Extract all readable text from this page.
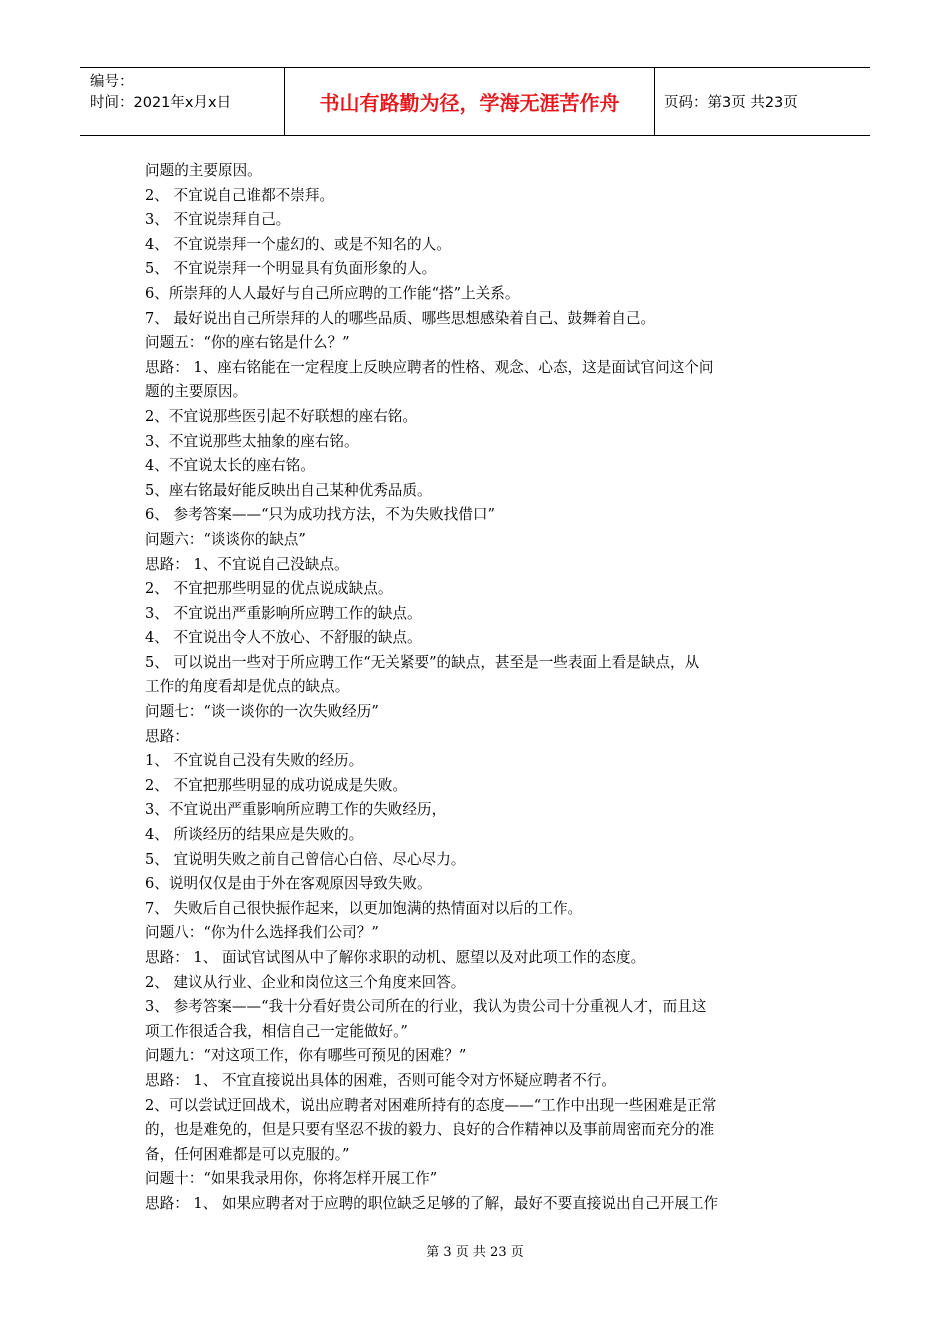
编号：
时间：2021年x月x日	书山有路勤为径，学海无涯苦作舟	页码：第3页 共23页
问题的主要原因。
2、 不宜说自己谁都不崇拜。
3、 不宜说崇拜自己。
4、 不宜说崇拜一个虚幻的、或是不知名的人。
5、 不宜说崇拜一个明显具有负面形象的人。
6、所崇拜的人人最好与自己所应聘的工作能“搭”上关系。
7、 最好说出自己所崇拜的人的哪些品质、哪些思想感染着自己、鼓舞着自己。
问题五：“你的座右铭是什么？”
思路： 1、座右铭能在一定程度上反映应聘者的性格、观念、心态，这是面试官问这个问
题的主要原因。
2、不宜说那些医引起不好联想的座右铭。
3、不宜说那些太抽象的座右铭。
4、不宜说太长的座右铭。
5、座右铭最好能反映出自己某种优秀品质。
6、 参考答案——“只为成功找方法，不为失败找借口”
问题六：“谈谈你的缺点”
思路： 1、不宜说自己没缺点。
2、 不宜把那些明显的优点说成缺点。
3、 不宜说出严重影响所应聘工作的缺点。
4、 不宜说出令人不放心、不舒服的缺点。
5、 可以说出一些对于所应聘工作“无关紧要”的缺点，甚至是一些表面上看是缺点，从
工作的角度看却是优点的缺点。
问题七：“谈一谈你的一次失败经历”
思路：
1、 不宜说自己没有失败的经历。
2、 不宜把那些明显的成功说成是失败。
3、不宜说出严重影响所应聘工作的失败经历，
4、 所谈经历的结果应是失败的。
5、 宜说明失败之前自己曾信心白倍、尽心尽力。
6、说明仅仅是由于外在客观原因导致失败。
7、 失败后自己很快振作起来，以更加饱满的热情面对以后的工作。
问题八：“你为什么选择我们公司？”
思路： 1、 面试官试图从中了解你求职的动机、愿望以及对此项工作的态度。
2、 建议从行业、企业和岗位这三个角度来回答。
3、 参考答案——“我十分看好贵公司所在的行业，我认为贵公司十分重视人才，而且这
项工作很适合我，相信自己一定能做好。”
问题九：“对这项工作，你有哪些可预见的困难？”
思路： 1、 不宜直接说出具体的困难，否则可能令对方怀疑应聘者不行。
2、可以尝试迂回战术，说出应聘者对困难所持有的态度——“工作中出现一些困难是正常
的，也是难免的，但是只要有坚忍不拔的毅力、良好的合作精神以及事前周密而充分的准
备，任何困难都是可以克服的。”
问题十：“如果我录用你，你将怎样开展工作”
思路： 1、 如果应聘者对于应聘的职位缺乏足够的了解，最好不要直接说出自己开展工作
第 3 页 共 23 页
